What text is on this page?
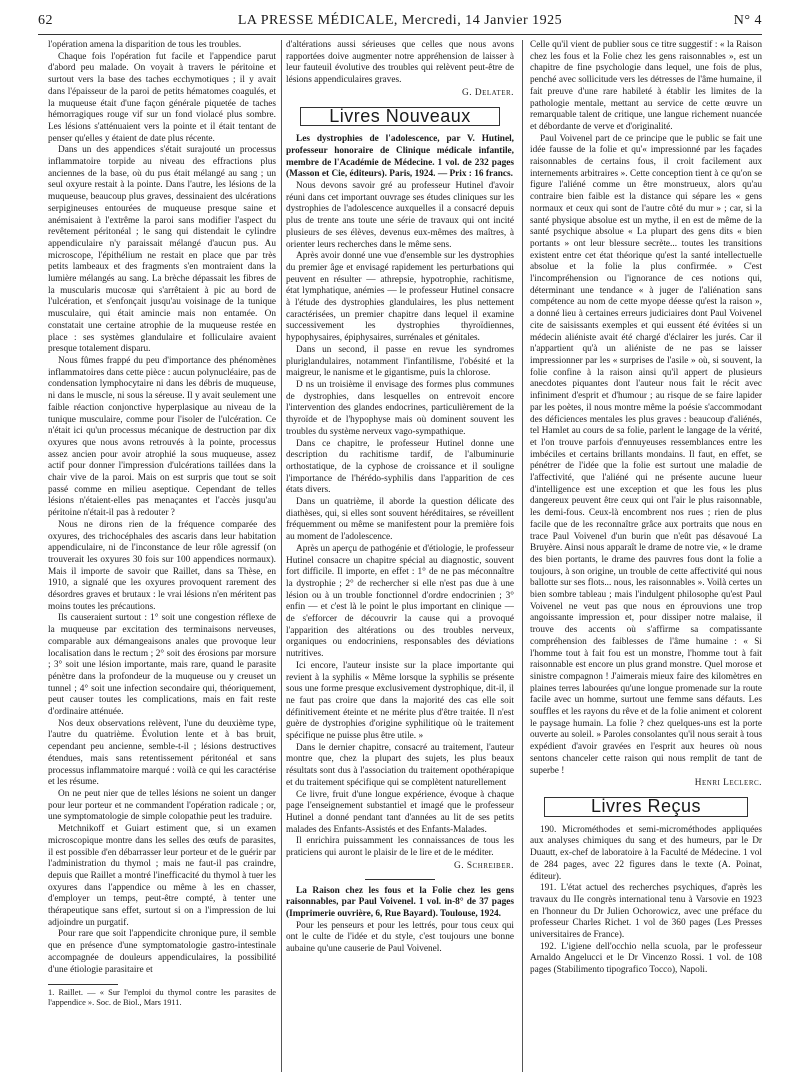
62	LA PRESSE MÉDICALE, Mercredi, 14 Janvier 1925	N° 4

l'opération amena la disparition de tous les troubles.

Chaque fois l'opération fut facile et l'appendice parut d'abord peu malade. On voyait à travers le péritoine et surtout vers la base des taches ecchymotiques ; il y avait dans l'épaisseur de la paroi de petits hématomes coagulés, et la muqueuse était d'une façon générale piquetée de taches hémorragiques rouge vif sur un fond violacé plus sombre. Les lésions s'atténuaient vers la pointe et il était tentant de penser qu'elles y étaient de date plus récente.

Dans un des appendices s'était surajouté un processus inflammatoire torpide au niveau des effractions plus anciennes de la base, où du pus était mélangé au sang ; un seul oxyure restait à la pointe. Dans l'autre, les lésions de la muqueuse, beaucoup plus graves, dessinaient des ulcérations serpigineuses entourées de muqueuse presque saine et anémisaient à l'extrême la paroi sans modifier l'aspect du revêtement péritonéal ; le sang qui distendait le cylindre appendiculaire n'y paraissait mélangé d'aucun pus. Au microscope, l'épithélium ne restait en place que par très petits lambeaux et des fragments s'en montraient dans la lumière mélangés au sang. La brèche dépassait les fibres de la muscularis mucosæ qui s'arrêtaient à pic au bord de l'ulcération, et s'enfonçait jusqu'au voisinage de la tunique musculaire, qui était amincie mais non entamée. On constatait une certaine atrophie de la muqueuse restée en place : ses systèmes glandulaire et folliculaire avaient presque totalement disparu.

Nous fûmes frappé du peu d'importance des phénomènes inflammatoires dans cette pièce : aucun polynucléaire, pas de condensation lymphocytaire ni dans les débris de muqueuse, ni dans le muscle, ni sous la séreuse. Il y avait seulement une faible réaction conjonctive hyperplasique au niveau de la tunique musculaire, comme pour l'isoler de l'ulcération. Ce n'était ici qu'un processus mécanique de destruction par dix oxyures que nous avons retrouvés à la pointe, processus assez ancien pour avoir atrophié la sous muqueuse, assez actif pour donner l'impression d'ulcérations taillées dans la chair vive de la paroi. Mais on est surpris que tout se soit passé comme en milieu aseptique. Cependant de telles lésions n'étaient-elles pas menaçantes et l'accès jusqu'au péritoine n'était-il pas à redouter ?

Nous ne dirons rien de la fréquence comparée des oxyures, des trichocéphales des ascaris dans leur habitation appendiculaire, ni de l'inconstance de leur rôle agressif (on trouverait les oxyures 30 fois sur 100 appendices normaux). Mais il importe de savoir que Raillet, dans sa Thèse, en 1910, a signalé que les oxyures provoquent rarement des désordres graves et brutaux : le vrai lésions n'en méritent pas moins toutes les précautions.

Ils causeraient surtout : 1° soit une congestion réflexe de la muqueuse par excitation des terminaisons nerveuses, comparable aux démangeaisons anales que provoque leur localisation dans le rectum ; 2° soit des érosions par morsure ; 3° soit une lésion importante, mais rare, quand le parasite pénètre dans la profondeur de la muqueuse ou y creuset un tunnel ; 4° soit une infection secondaire qui, théoriquement, peut causer toutes les complications, mais en fait reste d'ordinaire atténuée.

Nos deux observations relèvent, l'une du deuxième type, l'autre du quatrième. Évolution lente et à bas bruit, cependant peu ancienne, semble-t-il ; lésions destructives étendues, mais sans retentissement péritonéal et sans processus inflammatoire marqué : voilà ce qui les caractérise et les résume.

On ne peut nier que de telles lésions ne soient un danger pour leur porteur et ne commandent l'opération radicale ; or, une symptomatologie de simple colopathie peut les traduire.

Metchnikoff et Guiart estiment que, si un examen microscopique montre dans les selles des œufs de parasites, il est possible d'en débarrasser leur porteur et de le guérir par l'administration du thymol ; mais ne faut-il pas craindre, depuis que Raillet a montré l'inefficacité du thymol à tuer les oxyures dans l'appendice ou même à les en chasser, d'employer un temps, peut-être compté, à tenter une thérapeutique sans effet, surtout si on a l'impression de lui adjoindre un purgatif.

Pour rare que soit l'appendicite chronique pure, il semble que en présence d'une symptomatologie gastro-intestinale accompagnée de douleurs appendiculaires, la possibilité d'une étiologie parasitaire et

1. Raillet. — « Sur l'emploi du thymol contre les parasites de l'appendice ». Soc. de Biol., Mars 1911.

d'altérations aussi sérieuses que celles que nous avons rapportées doive augmenter notre appréhension de laisser à leur fauteuil évolutive des troubles qui relèvent peut-être de lésions appendiculaires graves.

G. Delater.
Livres Nouveaux

Les dystrophies de l'adolescence, par V. Hutinel, professeur honoraire de Clinique médicale infantile, membre de l'Académie de Médecine. 1 vol. de 232 pages (Masson et Cie, éditeurs). Paris, 1924. — Prix : 16 francs.

Nous devons savoir gré au professeur Hutinel d'avoir réuni dans cet important ouvrage ses études cliniques sur les dystrophies de l'adolescence auxquelles il a consacré depuis plus de trente ans toute une série de travaux qui ont incité plusieurs de ses élèves, devenus eux-mêmes des maîtres, à orienter leurs recherches dans le même sens.

Après avoir donné une vue d'ensemble sur les dystrophies du premier âge et envisagé rapidement les perturbations qui peuvent en résulter — athrepsie, hypotrophie, rachitisme, état lymphatique, anémies — le professeur Hutinel consacre à l'étude des dystrophies glandulaires, les plus nettement caractérisées, un premier chapitre dans lequel il examine successivement les dystrophies thyroïdiennes, hypophysaires, épiphysaires, surrénales et génitales.

Dans un second, il passe en revue les syndromes pluriglandulaires, notamment l'infantilisme, l'obésité et la maigreur, le nanisme et le gigantisme, puis la chlorose.

D ns un troisième il envisage des formes plus communes de dystrophies, dans lesquelles on entrevoit encore l'intervention des glandes endocrines, particulièrement de la thyroïde et de l'hypophyse mais où dominent souvent les troubles du système nerveux vago-sympathique.

Dans ce chapitre, le professeur Hutinel donne une description du rachitisme tardif, de l'albuminurie orthostatique, de la cyphose de croissance et il souligne l'importance de l'hérédo-syphilis dans l'apparition de ces états divers.

Dans un quatrième, il aborde la question délicate des diathèses, qui, si elles sont souvent héréditaires, se réveillent fréquemment ou même se manifestent pour la première fois au moment de l'adolescence.

Après un aperçu de pathogénie et d'étiologie, le professeur Hutinel consacre un chapitre spécial au diagnostic, souvent fort difficile. Il importe, en effet : 1° de ne pas méconnaître la dystrophie ; 2° de rechercher si elle n'est pas due à une lésion ou à un trouble fonctionnel d'ordre endocrinien ; 3° enfin — et c'est là le point le plus important en clinique — de s'efforcer de découvrir la cause qui a provoqué l'apparition des altérations ou des troubles nerveux, organiques ou endocriniens, responsables des déviations nutritives.

Ici encore, l'auteur insiste sur la place importante qui revient à la syphilis « Même lorsque la syphilis se présente sous une forme presque exclusivement dystrophique, dit-il, il ne faut pas croire que dans la majorité des cas elle soit définitivement éteinte et ne mérite plus d'être traitée. Il n'est guère de dystrophies d'origine syphilitique où le traitement spécifique ne puisse plus être utile. »

Dans le dernier chapitre, consacré au traitement, l'auteur montre que, chez la plupart des sujets, les plus beaux résultats sont dus à l'association du traitement opothérapique et du traitement spécifique qui se complètent naturellement

Ce livre, fruit d'une longue expérience, évoque à chaque page l'enseignement substantiel et imagé que le professeur Hutinel a donné pendant tant d'années au lit de ses petits malades des Enfants-Assistés et des Enfants-Malades.

Il enrichira puissamment les connaissances de tous les praticiens qui auront le plaisir de le lire et de le méditer.

G. Schreiber.

La Raison chez les fous et la Folie chez les gens raisonnables, par Paul Voivenel. 1 vol. in-8° de 37 pages (Imprimerie ouvrière, 6, Rue Bayard). Toulouse, 1924.

Pour les penseurs et pour les lettrés, pour tous ceux qui ont le culte de l'idée et du style, c'est toujours une bonne aubaine qu'une causerie de Paul Voivenel.

Celle qu'il vient de publier sous ce titre suggestif : « la Raison chez les fous et la Folie chez les gens raisonnables », est un chapitre de fine psychologie dans lequel, une fois de plus, penché avec sollicitude vers les détresses de l'âme humaine, il fait preuve d'une rare habileté à établir les limites de la pathologie mentale, mettant au service de cette œuvre un remarquable talent de critique, une langue richement nuancée et débordante de verve et d'originalité.

Paul Voivenel part de ce principe que le public se fait une idée fausse de la folie et qu'« impressionné par les façades raisonnables de certains fous, il croit facilement aux internements arbitraires ». Cette conception tient à ce qu'on se figure l'aliéné comme un être monstrueux, alors qu'au contraire bien faible est la distance qui sépare les « gens normaux et ceux qui sont de l'autre côté du mur » ; car, si la santé physique absolue est un mythe, il en est de même de la santé psychique absolue « La plupart des gens dits « bien portants » ont leur blessure secrète... toutes les transitions existent entre cet état théorique qu'est la santé intellectuelle absolue et la folie la plus confirmée. » C'est l'incompréhension ou l'ignorance de ces notions qui, déterminant une tendance « à juger de l'aliénation sans compétence au nom de cette myope déesse qu'est la raison », a donné lieu à certaines erreurs judiciaires dont Paul Voivenel cite de saisissants exemples et qui eussent été évitées si un médecin aliéniste avait été chargé d'éclairer les jurés. Car il n'appartient qu'à un aliéniste de ne pas se laisser impressionner par les « surprises de l'asile » où, si souvent, la folie confine à la raison ainsi qu'il appert de plusieurs anecdotes piquantes dont l'auteur nous fait le récit avec infiniment d'esprit et d'humour ; au risque de se faire lapider par les poètes, il nous montre même la poésie s'accommodant des déficiences mentales les plus graves : beaucoup d'aliénés, tel Hamlet au cours de sa folie, parlent le langage de la vérité, et l'on trouve parfois d'ennuyeuses ressemblances entre les imbéciles et certains brillants mondains. Il faut, en effet, se pénétrer de l'idée que la folie est surtout une maladie de l'affectivité, que l'aliéné qui ne présente aucune lueur d'intelligence est une exception et que les fous les plus dangereux peuvent être ceux qui ont l'air le plus raisonnable, les demi-fous. Ceux-là encombrent nos rues ; rien de plus facile que de les reconnaître grâce aux portraits que nous en trace Paul Voivenel d'un burin que n'eût pas désavoué La Bruyère. Ainsi nous apparaît le drame de notre vie, « le drame des bien portants, le drame des pauvres fous dont la folie a toujours, à son origine, un trouble de cette affectivité qui nous ballotte sur ses flots... nous, les raisonnables ». Voilà certes un bien sombre tableau ; mais l'indulgent philosophe qu'est Paul Voivenel ne veut pas que nous en éprouvions une trop angoissante impression et, pour dissiper notre malaise, il trouve des accents où s'affirme sa compatissante compréhension des faiblesses de l'âme humaine : « Si l'homme tout à fait fou est un monstre, l'homme tout à fait raisonnable est encore un plus grand monstre. Quel morose et sinistre compagnon ! J'aimerais mieux faire des kilomètres en plaines terres labourées qu'une longue promenade sur la route facile avec un homme, surtout une femme sans défauts. Les souffles et les rayons du rêve et de la folie animent et colorent le paysage humain. La folie ? chez quelques-uns est la porte ouverte au soleil. » Paroles consolantes qu'il nous serait à tous expédient d'avoir gravées en l'esprit aux heures où nous sentons chanceler cette raison qui nous remplit de tant de superbe !

Henri Leclerc.
Livres Reçus

190. Microméthodes et semi-microméthodes appliquées aux analyses chimiques du sang et des humeurs, par le Dr Duautt, ex-chef de laboratoire à la Faculté de Médecine. 1 vol de 284 pages, avec 22 figures dans le texte (A. Poinat, éditeur).

191. L'état actuel des recherches psychiques, d'après les travaux du IIe congrès international tenu à Varsovie en 1923 en l'honneur du Dr Julien Ochorowicz, avec une préface du professeur Charles Richet. 1 vol de 360 pages (Les Presses universitaires de France).

192. L'igiene dell'occhio nella scuola, par le professeur Arnaldo Angelucci et le Dr Vincenzo Rossi. 1 vol. de 108 pages (Stabilimento tipografico Tocco), Napoli.
